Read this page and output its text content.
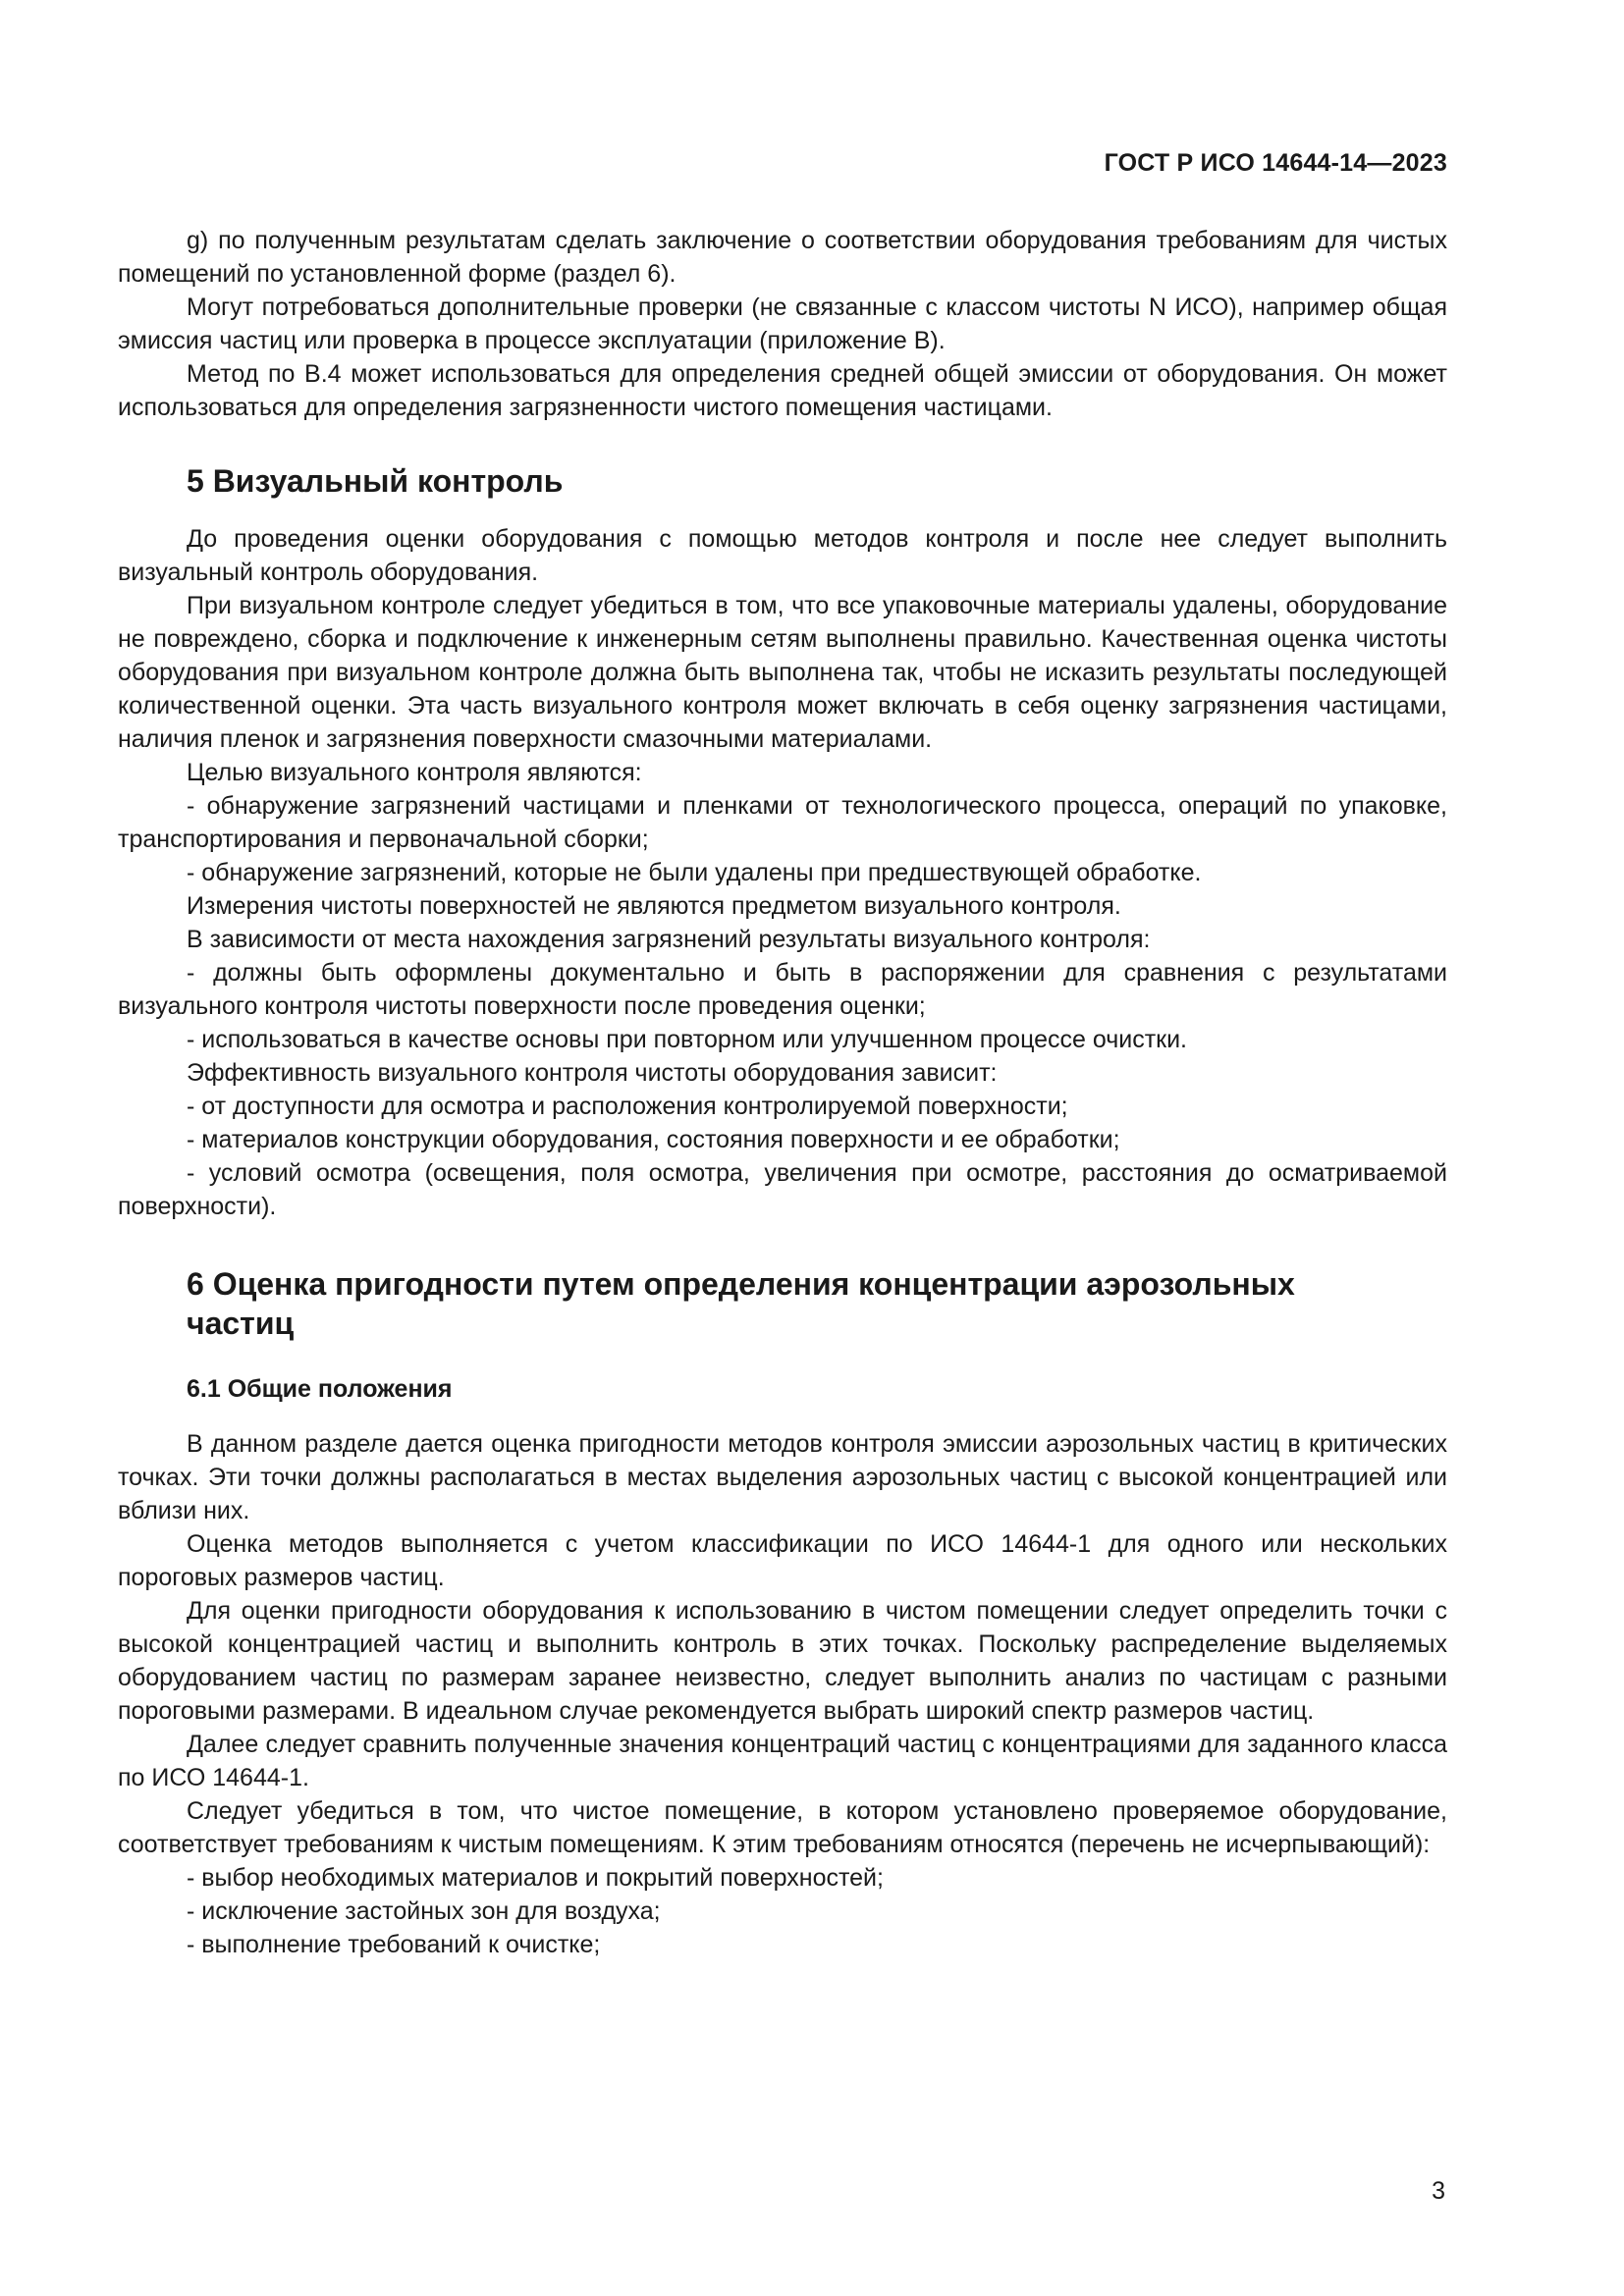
ГОСТ Р ИСО 14644-14—2023

g) по полученным результатам сделать заключение о соответствии оборудования требованиям для чистых помещений по установленной форме (раздел 6).

Могут потребоваться дополнительные проверки (не связанные с классом чистоты N ИСО), например общая эмиссия частиц или проверка в процессе эксплуатации (приложение В).

Метод по В.4 может использоваться для определения средней общей эмиссии от оборудования. Он может использоваться для определения загрязненности чистого помещения частицами.

5 Визуальный контроль

До проведения оценки оборудования с помощью методов контроля и после нее следует выполнить визуальный контроль оборудования.

При визуальном контроле следует убедиться в том, что все упаковочные материалы удалены, оборудование не повреждено, сборка и подключение к инженерным сетям выполнены правильно. Качественная оценка чистоты оборудования при визуальном контроле должна быть выполнена так, чтобы не исказить результаты последующей количественной оценки. Эта часть визуального контроля может включать в себя оценку загрязнения частицами, наличия пленок и загрязнения поверхности смазочными материалами.

Целью визуального контроля являются:

- обнаружение загрязнений частицами и пленками от технологического процесса, операций по упаковке, транспортирования и первоначальной сборки;

- обнаружение загрязнений, которые не были удалены при предшествующей обработке.

Измерения чистоты поверхностей не являются предметом визуального контроля.

В зависимости от места нахождения загрязнений результаты визуального контроля:

- должны быть оформлены документально и быть в распоряжении для сравнения с результатами визуального контроля чистоты поверхности после проведения оценки;

- использоваться в качестве основы при повторном или улучшенном процессе очистки.

Эффективность визуального контроля чистоты оборудования зависит:

- от доступности для осмотра и расположения контролируемой поверхности;

- материалов конструкции оборудования, состояния поверхности и ее обработки;

- условий осмотра (освещения, поля осмотра, увеличения при осмотре, расстояния до осматриваемой поверхности).

6 Оценка пригодности путем определения концентрации аэрозольных
частиц
6.1 Общие положения

В данном разделе дается оценка пригодности методов контроля эмиссии аэрозольных частиц в критических точках. Эти точки должны располагаться в местах выделения аэрозольных частиц с высокой концентрацией или вблизи них.

Оценка методов выполняется с учетом классификации по ИСО 14644-1 для одного или нескольких пороговых размеров частиц.

Для оценки пригодности оборудования к использованию в чистом помещении следует определить точки с высокой концентрацией частиц и выполнить контроль в этих точках. Поскольку распределение выделяемых оборудованием частиц по размерам заранее неизвестно, следует выполнить анализ по частицам с разными пороговыми размерами. В идеальном случае рекомендуется выбрать широкий спектр размеров частиц.

Далее следует сравнить полученные значения концентраций частиц с концентрациями для заданного класса по ИСО 14644-1.

Следует убедиться в том, что чистое помещение, в котором установлено проверяемое оборудование, соответствует требованиям к чистым помещениям. К этим требованиям относятся (перечень не исчерпывающий):

- выбор необходимых материалов и покрытий поверхностей;

- исключение застойных зон для воздуха;

- выполнение требований к очистке;

3
